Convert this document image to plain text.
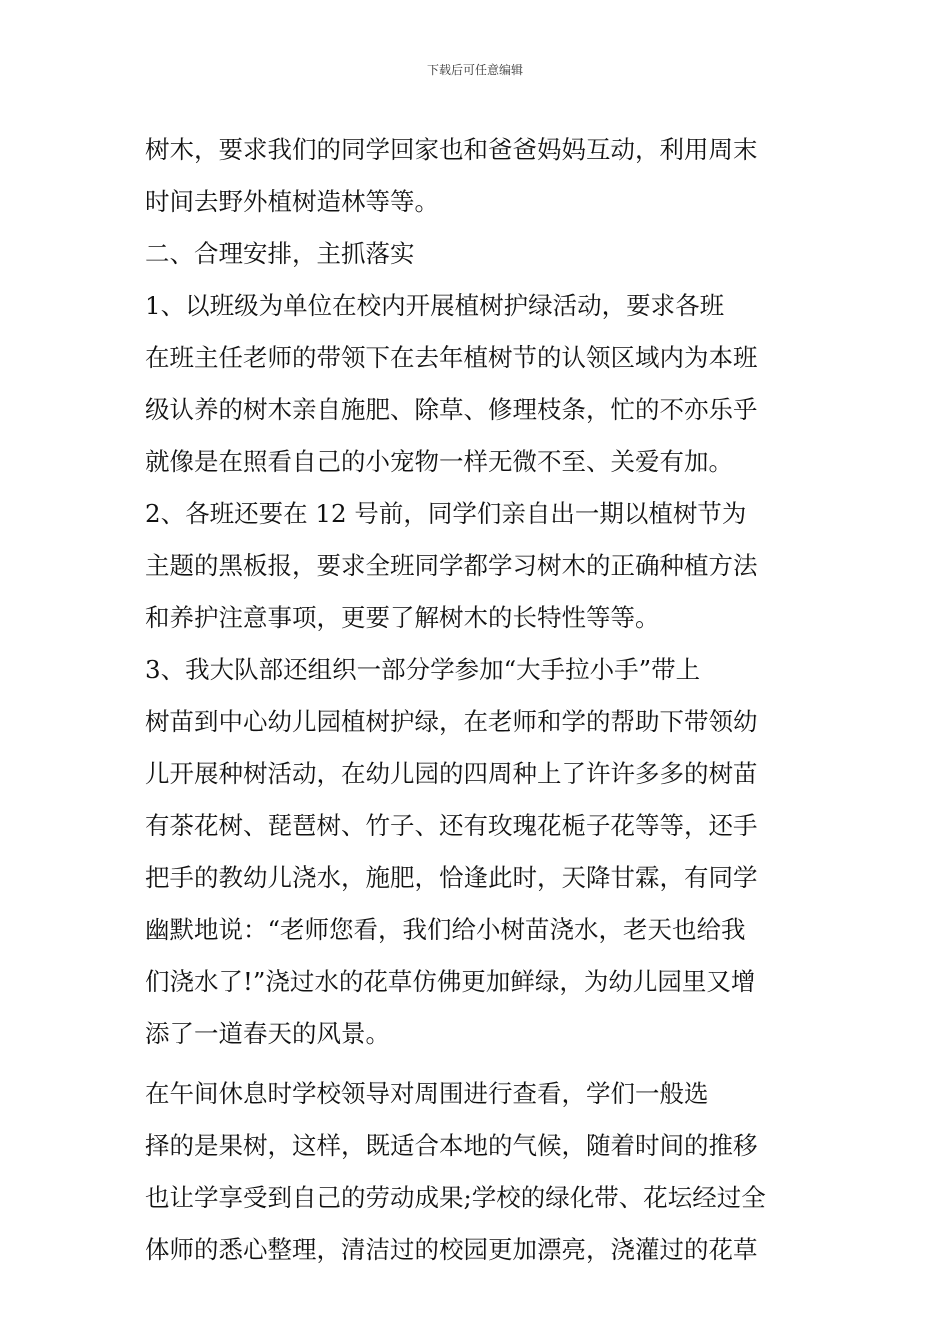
下载后可任意编辑
树木，要求我们的同学回家也和爸爸妈妈互动，利用周末
时间去野外植树造林等等。
二、合理安排，主抓落实
1、以班级为单位在校内开展植树护绿活动，要求各班
在班主任老师的带领下在去年植树节的认领区域内为本班
级认养的树木亲自施肥、除草、修理枝条，忙的不亦乐乎
就像是在照看自己的小宠物一样无微不至、关爱有加。
2、各班还要在 12 号前，同学们亲自出一期以植树节为
主题的黑板报，要求全班同学都学习树木的正确种植方法
和养护注意事项，更要了解树木的长特性等等。
3、我大队部还组织一部分学参加“大手拉小手”带上
树苗到中心幼儿园植树护绿，在老师和学的帮助下带领幼
儿开展种树活动，在幼儿园的四周种上了许许多多的树苗
有茶花树、琵琶树、竹子、还有玫瑰花栀子花等等，还手
把手的教幼儿浇水，施肥，恰逢此时，天降甘霖，有同学
幽默地说：“老师您看，我们给小树苗浇水，老天也给我
们浇水了!”浇过水的花草仿佛更加鲜绿，为幼儿园里又增
添了一道春天的风景。
在午间休息时学校领导对周围进行查看，学们一般选
择的是果树，这样，既适合本地的气候，随着时间的推移
也让学享受到自己的劳动成果;学校的绿化带、花坛经过全
体师的悉心整理，清洁过的校园更加漂亮，浇灌过的花草
